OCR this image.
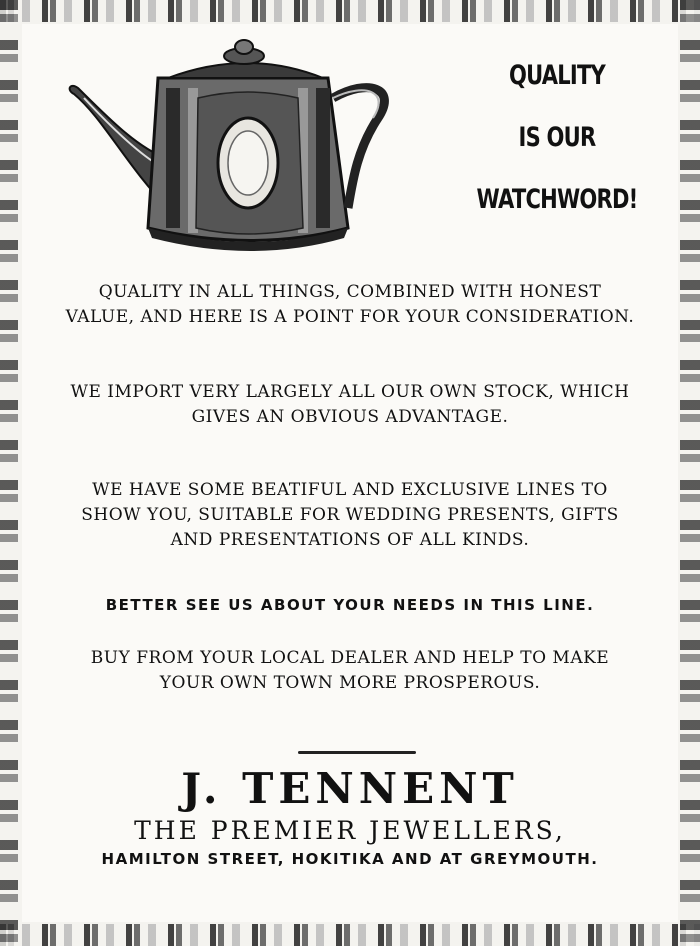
QUALITY
IS OUR
WATCHWORD!
QUALITY IN ALL THINGS, COMBINED WITH HONEST
VALUE, AND HERE IS A POINT FOR YOUR CONSIDERATION.
WE IMPORT VERY LARGELY ALL OUR OWN STOCK, WHICH
GIVES AN OBVIOUS ADVANTAGE.
WE HAVE SOME BEATIFUL AND EXCLUSIVE LINES TO
SHOW YOU, SUITABLE FOR WEDDING PRESENTS, GIFTS
AND PRESENTATIONS OF ALL KINDS.
BETTER SEE US ABOUT YOUR NEEDS IN THIS LINE.
BUY FROM YOUR LOCAL DEALER AND HELP TO MAKE
YOUR OWN TOWN MORE PROSPEROUS.
J. TENNENT
THE PREMIER JEWELLERS,
HAMILTON STREET, HOKITIKA AND AT GREYMOUTH.
